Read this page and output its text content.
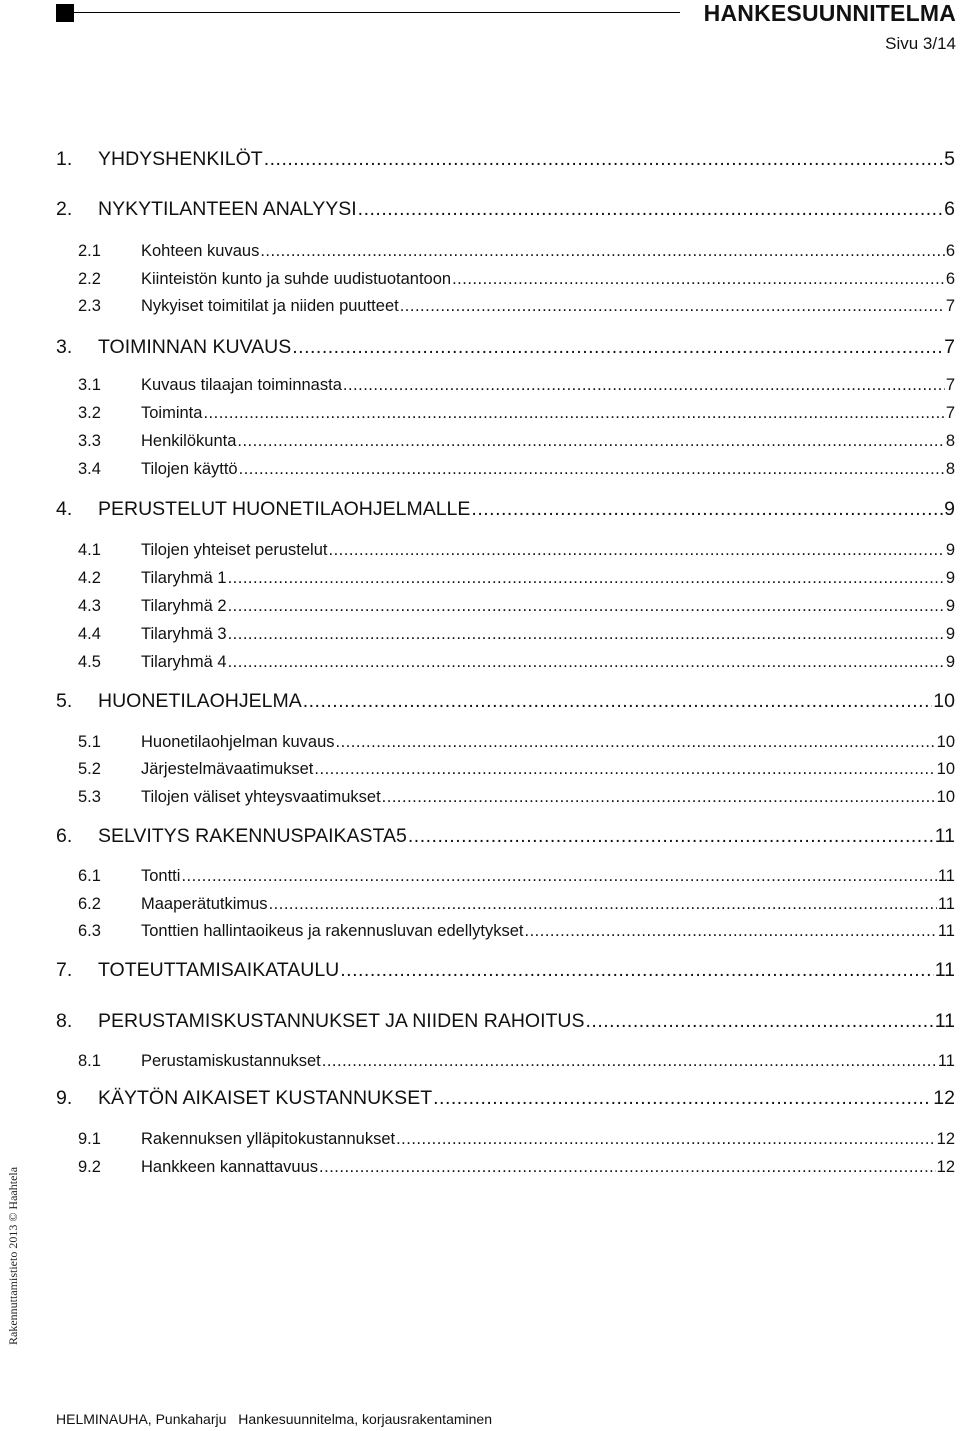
HANKESUUNNITELMA
Sivu 3/14
1.	YHDYSHENKILÖT .....	5
2.	NYKYTILANTEEN ANALYYSI .....	6
2.1	Kohteen kuvaus .....	6
2.2	Kiinteistön kunto ja suhde uudistuotantoon .....	6
2.3	Nykyiset toimitilat ja niiden puutteet .....	7
3.	TOIMINNAN KUVAUS .....	7
3.1	Kuvaus tilaajan toiminnasta .....	7
3.2	Toiminta .....	7
3.3	Henkilökunta .....	8
3.4	Tilojen käyttö .....	8
4.	PERUSTELUT HUONETILAOHJELMALLE .....	9
4.1	Tilojen yhteiset perustelut .....	9
4.2	Tilaryhmä 1 .....	9
4.3	Tilaryhmä 2 .....	9
4.4	Tilaryhmä 3 .....	9
4.5	Tilaryhmä 4 .....	9
5.	HUONETILAOHJELMA .....	10
5.1	Huonetilaohjelman kuvaus .....	10
5.2	Järjestelmävaatimukset .....	10
5.3	Tilojen väliset yhteysvaatimukset .....	10
6.	SELVITYS RAKENNUSPAIKASTA5 .....	11
6.1	Tontti .....	11
6.2	Maaperätutkimus .....	11
6.3	Tonttien hallintaoikeus ja rakennusluvan edellytykset .....	11
7.	TOTEUTTAMISAIKATAULU .....	11
8.	PERUSTAMISKUSTANNUKSET JA NIIDEN RAHOITUS .....	11
8.1	Perustamiskustannukset .....	11
9.	KÄYTÖN AIKAISET KUSTANNUKSET .....	12
9.1	Rakennuksen ylläpitokustannukset .....	12
9.2	Hankkeen kannattavuus .....	12
Rakennuttamistieto 2013 © Haahtela
HELMINAUHA, Punkaharju Hankesuunnitelma, korjausrakentaminen
